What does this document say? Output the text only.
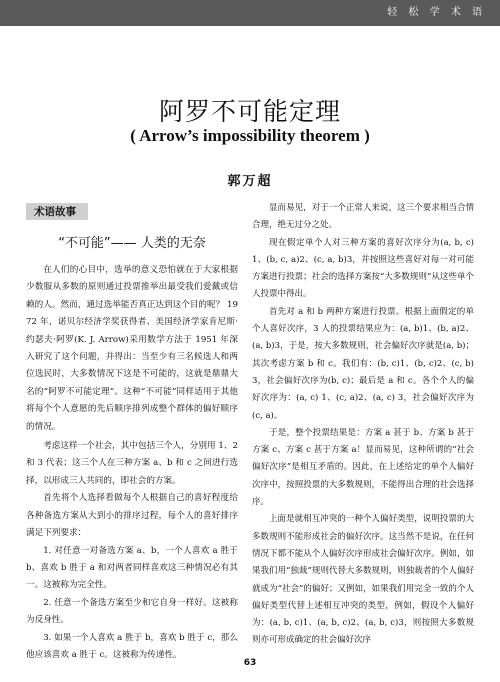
轻 松 学 术 语
阿罗不可能定理
( Arrow’s impossibility theorem )
郭万超
术语故事
“不可能”—— 人类的无奈

在人们的心目中，选举的意义恐怕就在于大家根据少数服从多数的原则通过投票推举出最受我们爱戴或信赖的人。然而，通过选举能否真正达到这个目的呢？ 1972 年，诺贝尔经济学奖获得者、美国经济学家肯尼斯·约瑟夫·阿罗(K. J. Arrow)采用数学方法于 1951 年深入研究了这个问题，并得出：当至少有三名候选人和两位选民时，大多数情况下这是不可能的，这就是鼎鼎大名的“阿罗不可能定理”。这种“不可能”同样适用于其他将每个个人意愿的先后顺序排列成整个群体的偏好顺序的情况。

考虑这样一个社会，其中包括三个人，分别用 1、2 和 3 代表；这三个人在三种方案 a、b 和 c 之间进行选择，以形成三人共同的，即社会的方案。

首先将个人选择看做每个人根据自己的喜好程度给各种备选方案从大到小的排序过程，每个人的喜好排序满足下列要求：

1. 对任意一对备选方案 a、b，一个人喜欢 a 胜于 b、喜欢 b 胜于 a 和对两者同样喜欢这三种情况必有其一。这被称为完全性。

2. 任意一个备选方案至少和它自身一样好。这被称为反身性。

3. 如果一个人喜欢 a 胜于 b，喜欢 b 胜于 c，那么他应该喜欢 a 胜于 c。这被称为传递性。

显而易见，对于一个正常人来说，这三个要求相当合情合理，绝无过分之处。

现在假定单个人对三种方案的喜好次序分为(a, b, c)1、(b, c, a)2、(c, a, b)3，并按照这些喜好对每一对可能方案进行投票；社会的选择方案按“大多数规则”从这些单个人投票中得出。

首先对 a 和 b 两种方案进行投票。根据上面假定的单个人喜好次序，3 人的投票结果应为：(a, b)1、(b, a)2、(a, b)3，于是，按大多数规则，社会偏好次序就是(a, b)；其次考虑方案 b 和 c。我们有：(b, c)1、(b, c)2、(c, b)3，社会偏好次序为(b, c)；最后是 a 和 c。各个个人的偏好次序为：(a, c) 1、(c, a)2、(a, c) 3，社会偏好次序为(c, a)。

于是，整个投票结果是：方案 a 甚于 b、方案 b 甚于方案 c、方案 c 甚于方案 a！显而易见，这种所谓的“社会偏好次序”是相互矛盾的。因此，在上述给定的单个人偏好次序中，按照投票的大多数规则，不能得出合理的社会选择序。

上面是就相互冲突的一种个人偏好类型，说明投票的大多数规则不能形成社会的偏好次序。这当然不是说，在任何情况下都不能从个人偏好次序形成社会偏好次序。例如，如果我们用“独裁”规则代替大多数规则，则独裁者的个人偏好就成为“社会”的偏好；又例如，如果我们用完全一致的个人偏好类型代替上述相互冲突的类型，例如，假设个人偏好为：(a, b, c)1、(a, b, c)2、(a, b, c)3，则按照大多数规则亦可形成确定的社会偏好次序

63
